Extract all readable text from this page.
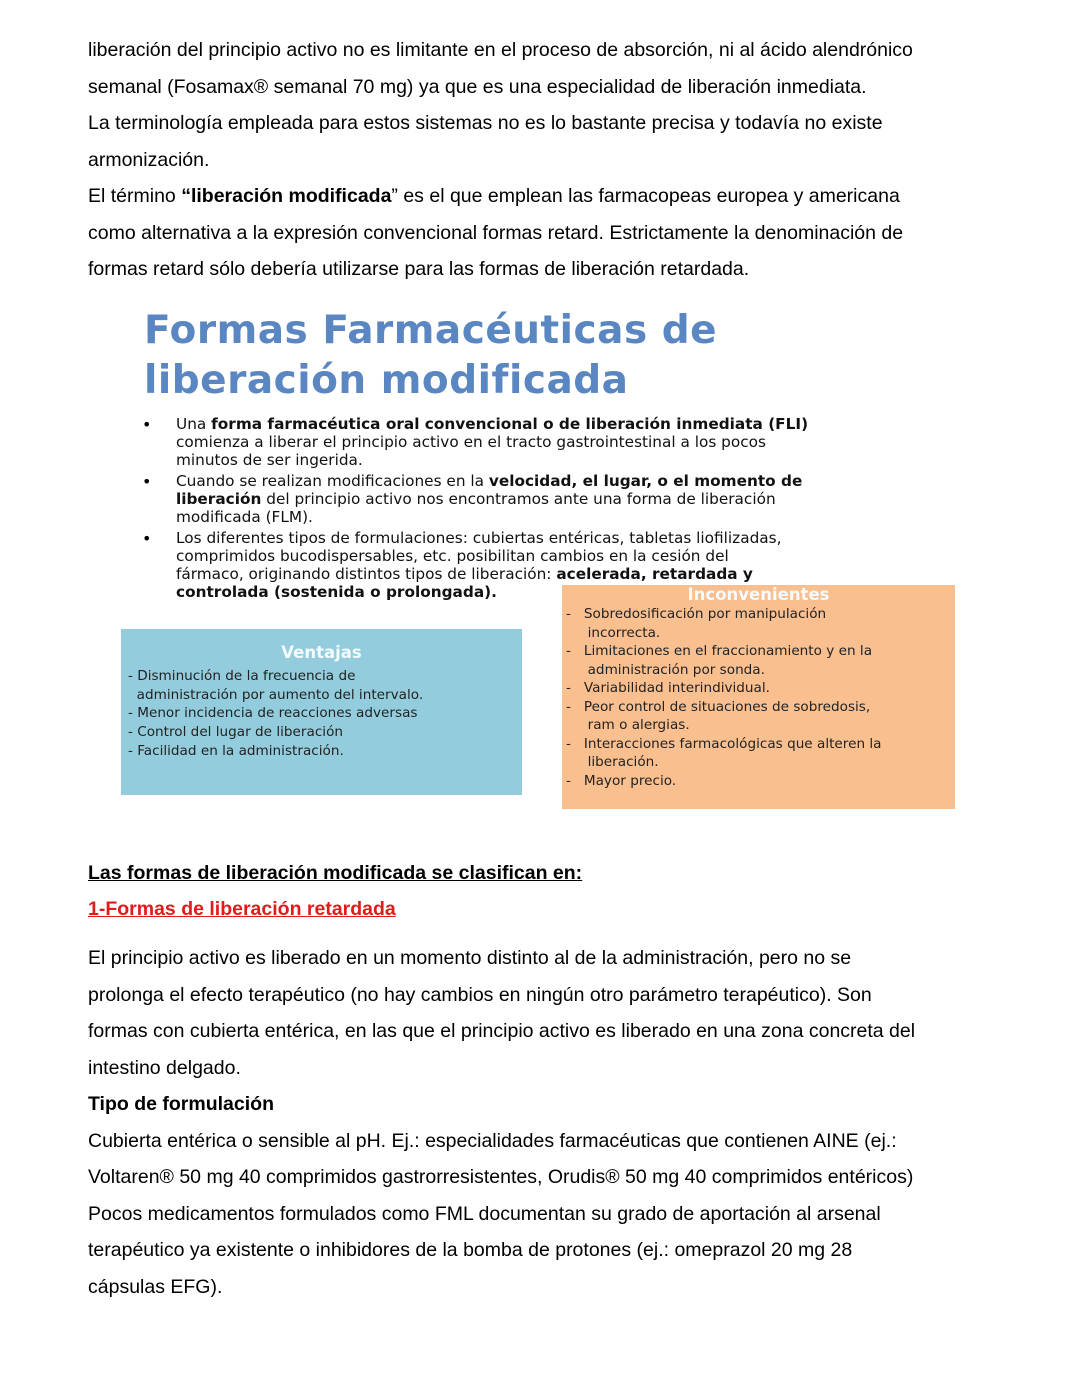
liberación del principio activo no es limitante en el proceso de absorción, ni al ácido alendrónico
semanal (Fosamax® semanal 70 mg) ya que es una especialidad de liberación inmediata.
La terminología empleada para estos sistemas no es lo bastante precisa y todavía no existe
armonización.
El término “liberación modificada” es el que emplean las farmacopeas europea y americana
como alternativa a la expresión convencional formas retard. Estrictamente la denominación de
formas retard sólo debería utilizarse para las formas de liberación retardada.
Formas Farmacéuticas de
liberación modificada
• Una forma farmacéutica oral convencional o de liberación inmediata (FLI)
comienza a liberar el principio activo en el tracto gastrointestinal a los pocos
minutos de ser ingerida.
• Cuando se realizan modificaciones en la velocidad, el lugar, o el momento de
liberación del principio activo nos encontramos ante una forma de liberación
modificada (FLM).
• Los diferentes tipos de formulaciones: cubiertas entéricas, tabletas liofilizadas,
comprimidos bucodispersables, etc. posibilitan cambios en la cesión del
fármaco, originando distintos tipos de liberación: acelerada, retardada y
controlada (sostenida o prolongada).
Ventajas
- Disminución de la frecuencia de
administración por aumento del intervalo.
- Menor incidencia de reacciones adversas
- Control del lugar de liberación
- Facilidad en la administración.
Inconvenientes
-   Sobredosificación por manipulación
incorrecta.
-   Limitaciones en el fraccionamiento y en la
administración por sonda.
-   Variabilidad interindividual.
-   Peor control de situaciones de sobredosis,
ram o alergias.
-   Interacciones farmacológicas que alteren la
liberación.
-   Mayor precio.
Las formas de liberación modificada se clasifican en:
1-Formas de liberación retardada
El principio activo es liberado en un momento distinto al de la administración, pero no se
prolonga el efecto terapéutico (no hay cambios en ningún otro parámetro terapéutico). Son
formas con cubierta entérica, en las que el principio activo es liberado en una zona concreta del
intestino delgado.
Tipo de formulación
Cubierta entérica o sensible al pH. Ej.: especialidades farmacéuticas que contienen AINE (ej.:
Voltaren® 50 mg 40 comprimidos gastrorresistentes, Orudis® 50 mg 40 comprimidos entéricos)
Pocos medicamentos formulados como FML documentan su grado de aportación al arsenal
terapéutico ya existente o inhibidores de la bomba de protones (ej.: omeprazol 20 mg 28
cápsulas EFG).
